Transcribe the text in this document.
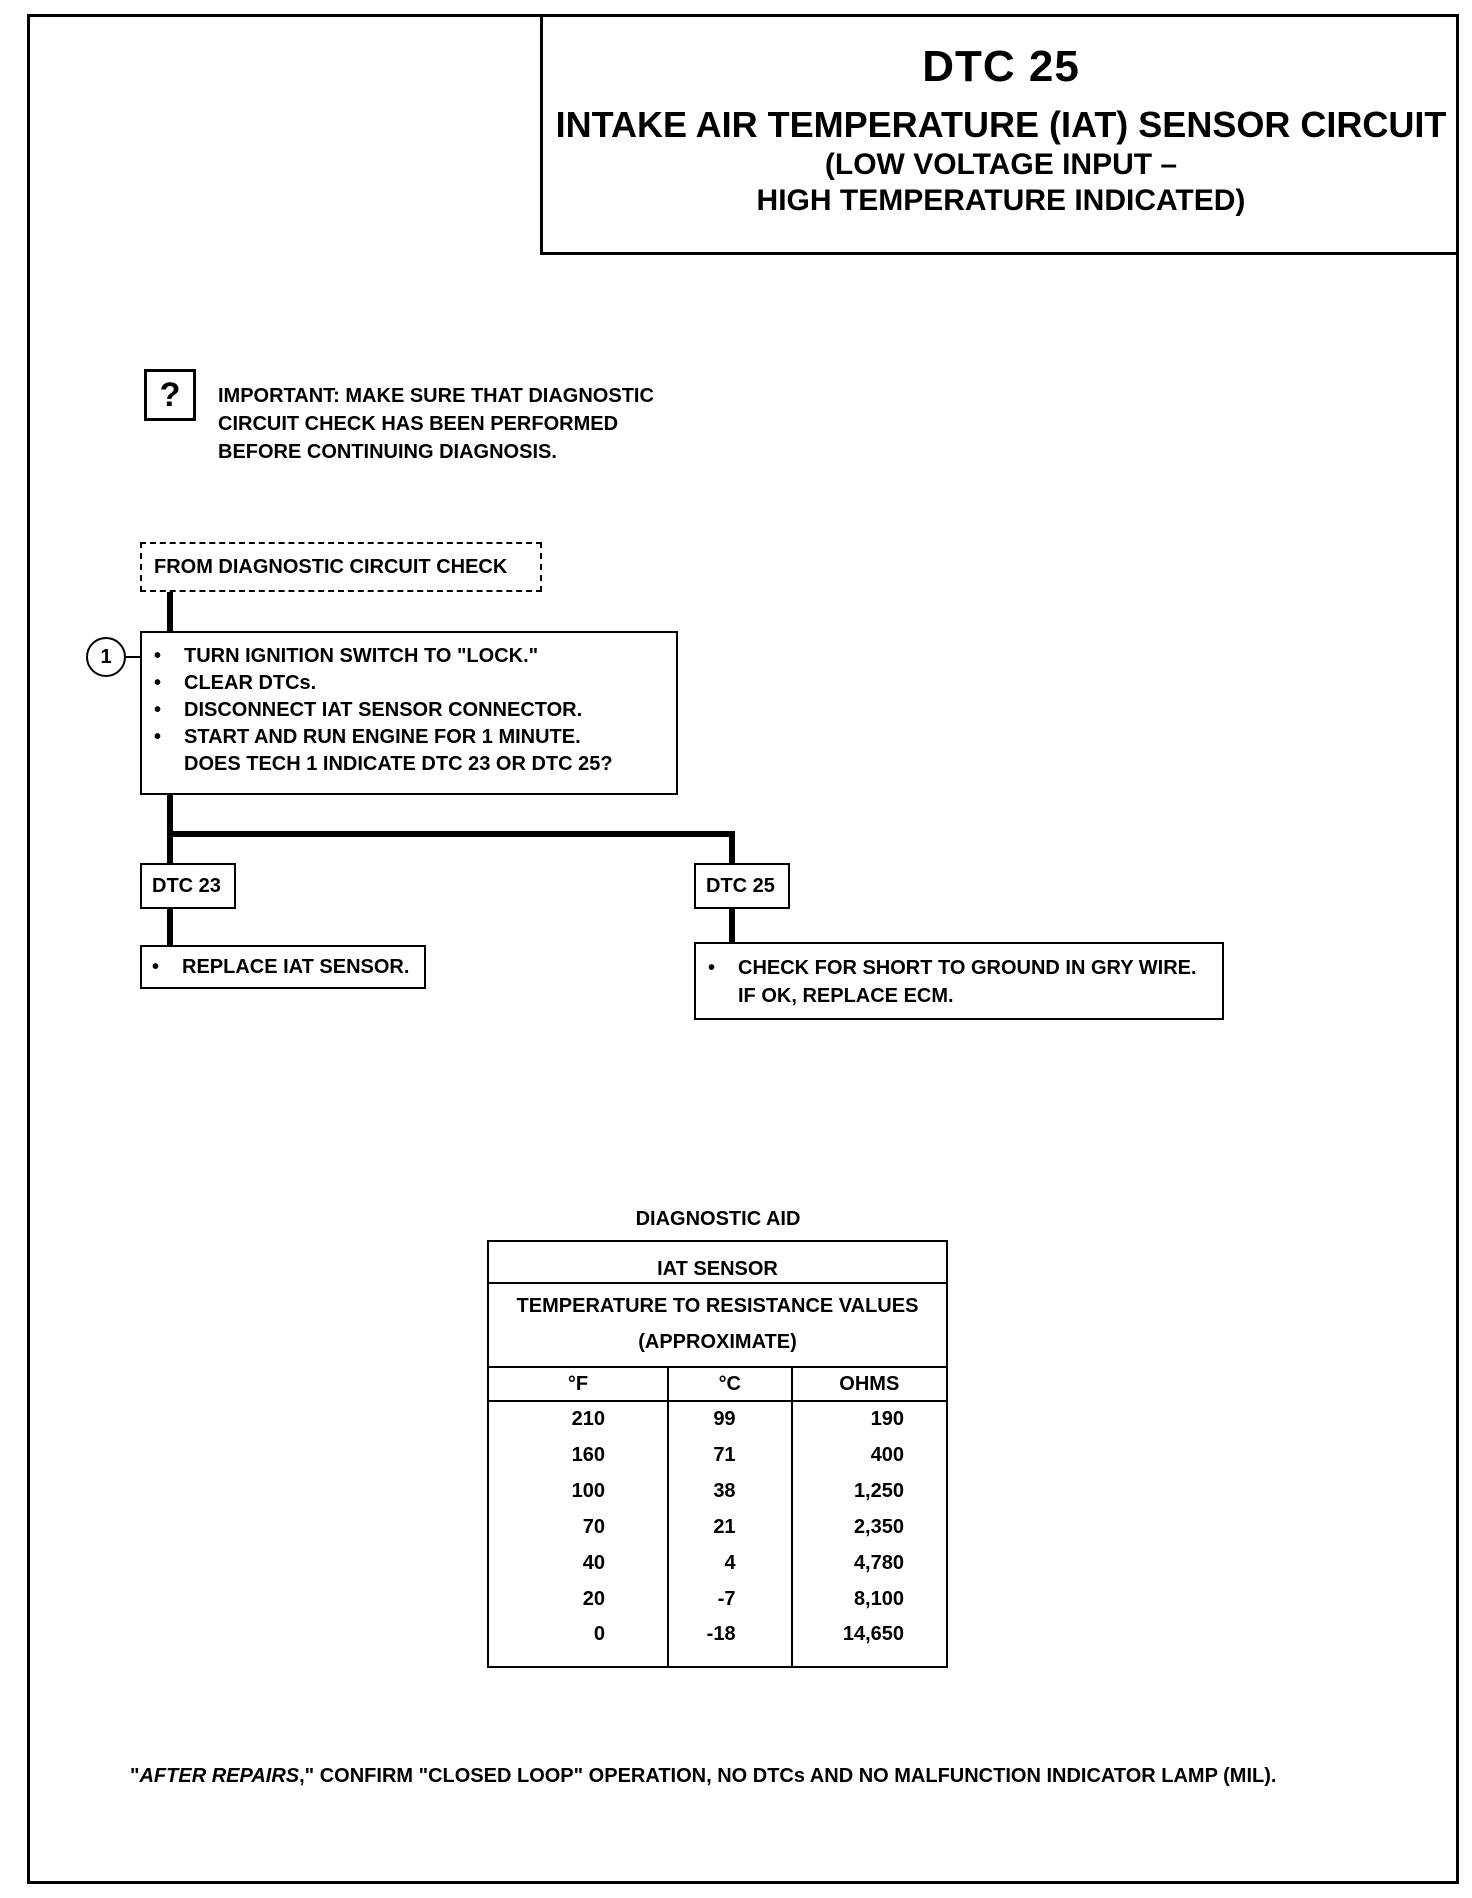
DTC 25
INTAKE AIR TEMPERATURE (IAT) SENSOR CIRCUIT
(LOW VOLTAGE INPUT –
HIGH TEMPERATURE INDICATED)
?	IMPORTANT: MAKE SURE THAT DIAGNOSTIC
CIRCUIT CHECK HAS BEEN PERFORMED
BEFORE CONTINUING DIAGNOSIS.
FROM DIAGNOSTIC CIRCUIT CHECK
1	•	TURN IGNITION SWITCH TO "LOCK."
•	CLEAR DTCs.
•	DISCONNECT IAT SENSOR CONNECTOR.
•	START AND RUN ENGINE FOR 1 MINUTE.
DOES TECH 1 INDICATE DTC 23 OR DTC 25?
DTC 23	DTC 25
•	REPLACE IAT SENSOR.	•	CHECK FOR SHORT TO GROUND IN GRY WIRE.
IF OK, REPLACE ECM.
DIAGNOSTIC AID
IAT SENSOR		

TEMPERATURE TO RESISTANCE VALUES
(APPROXIMATE)		

°F	°C	OHMS
210	99	190
160	71	400
100	38	1,250
70	21	2,350
40	4	4,780
20	-7	8,100
0	-18	14,650
"AFTER REPAIRS," CONFIRM "CLOSED LOOP" OPERATION, NO DTCs AND NO MALFUNCTION INDICATOR LAMP (MIL).
